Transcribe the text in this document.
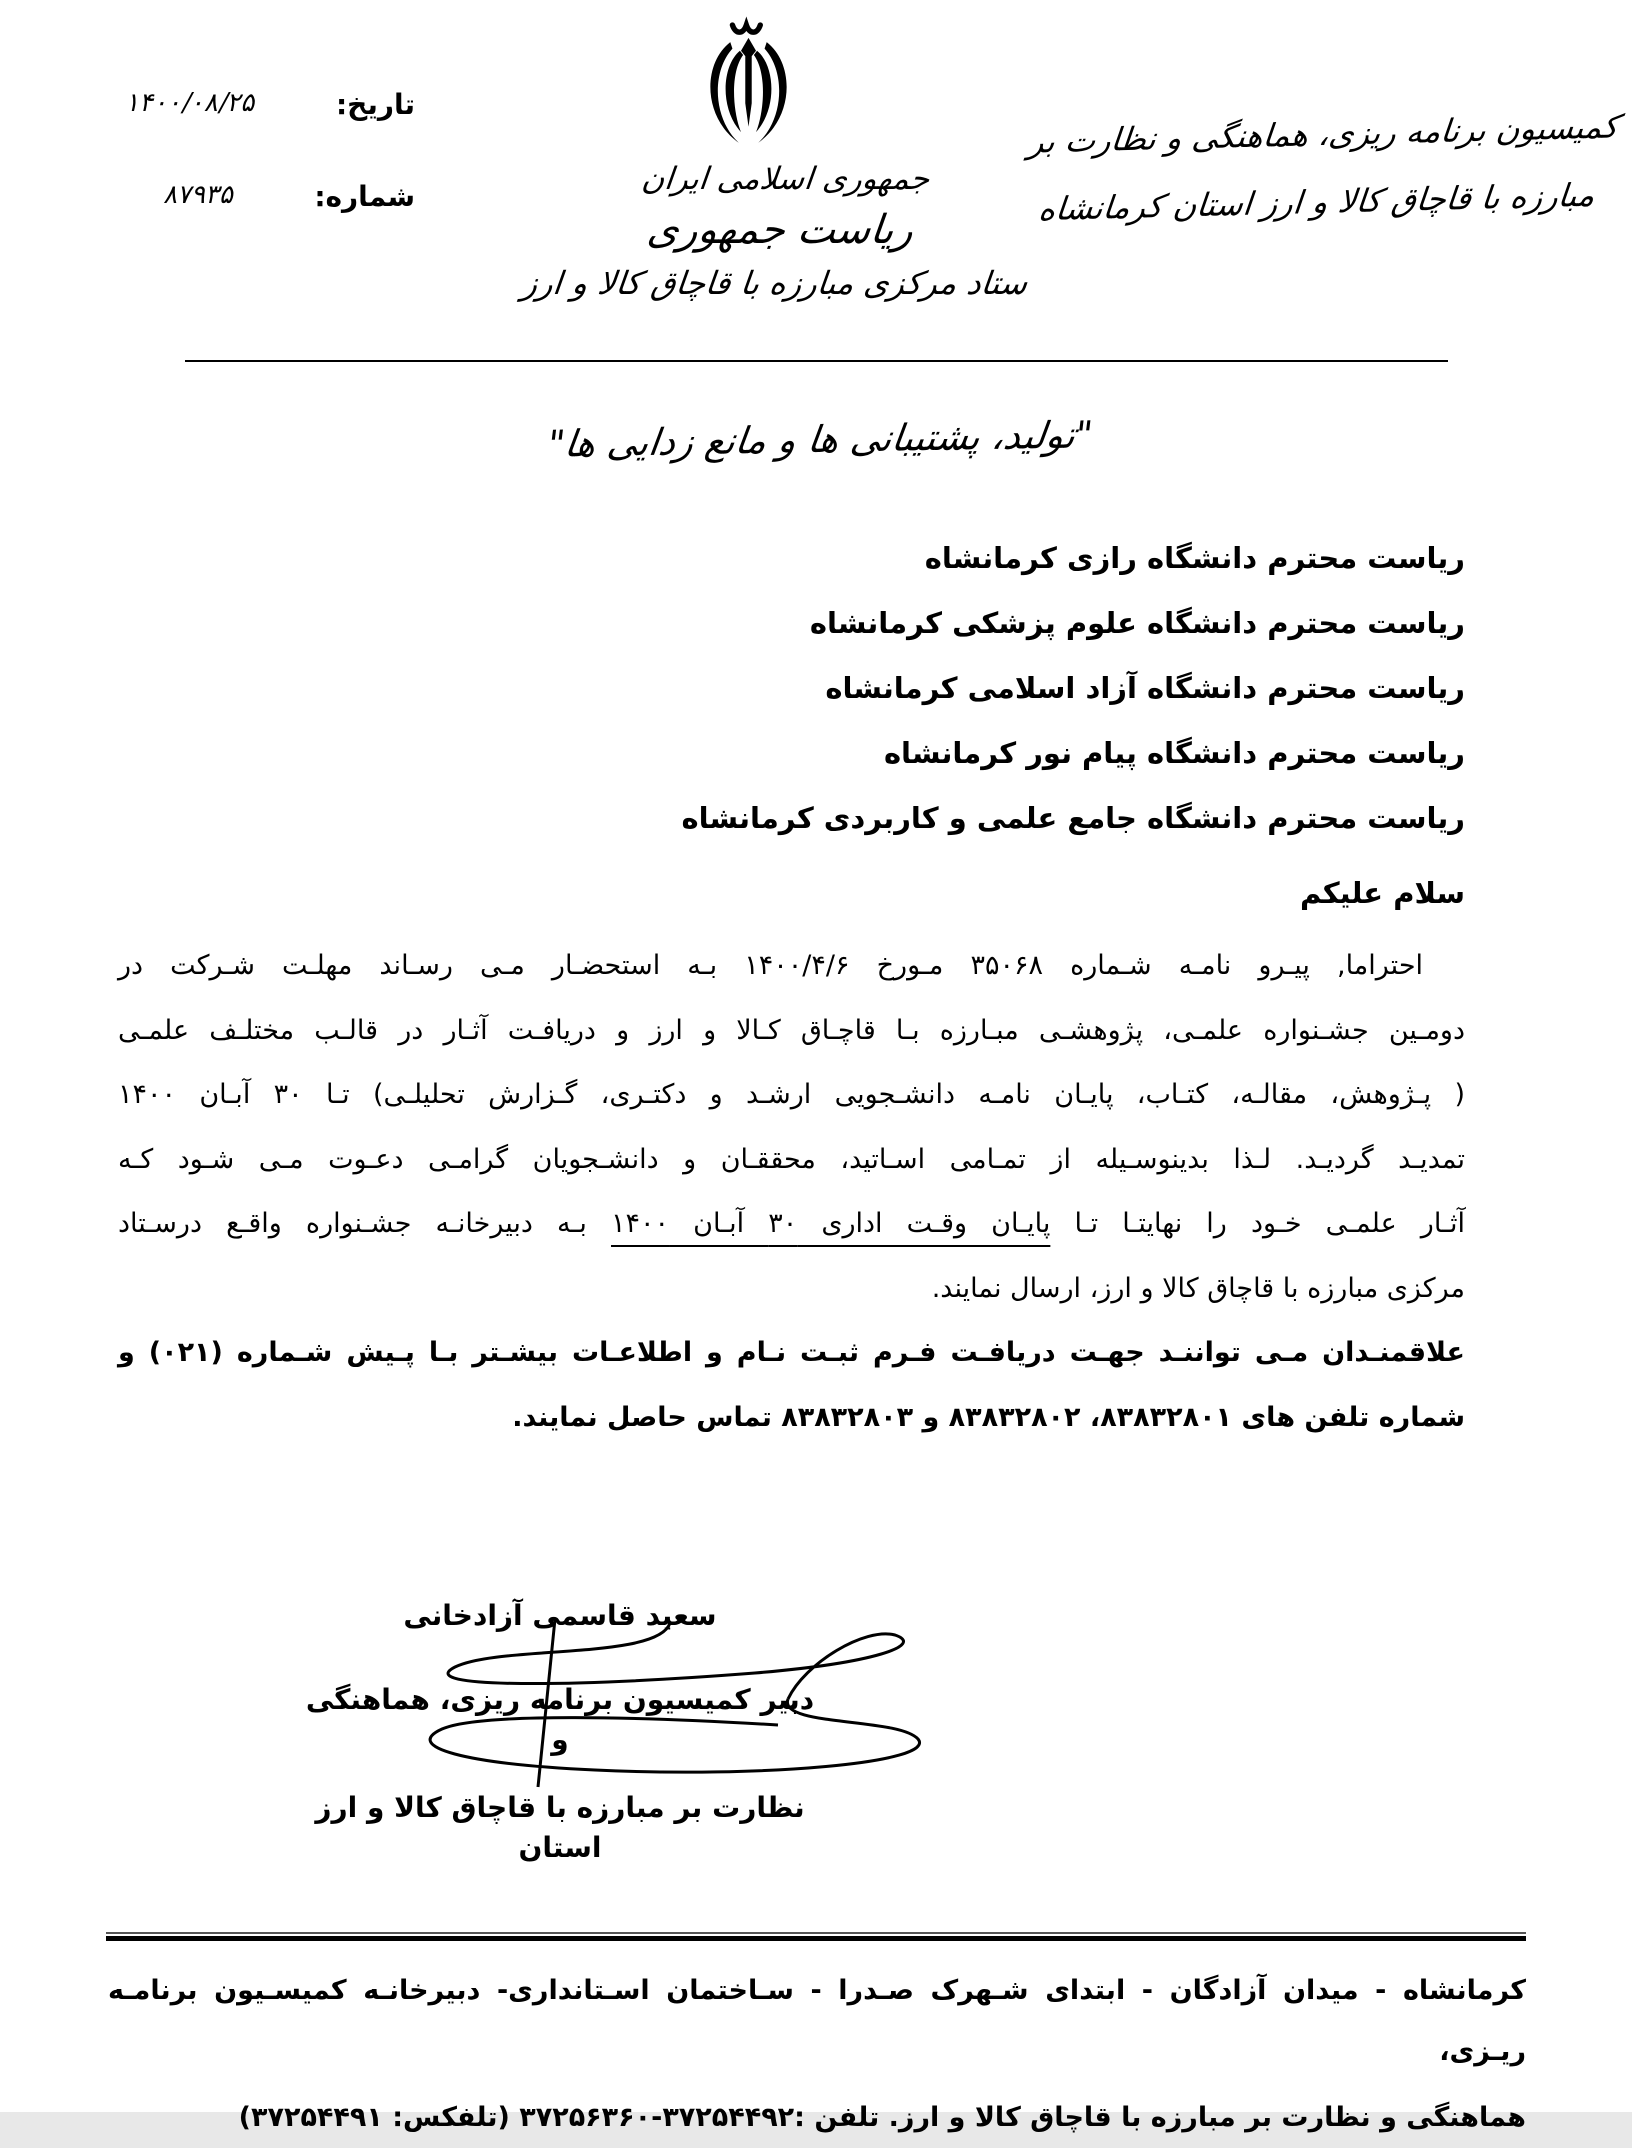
تاریخ:
۱۴۰۰/۰۸/۲۵
شماره:
۸۷۹۳۵	جمهوری اسلامی ایران
ریاست جمهوری
ستاد مرکزی مبارزه با قاچاق کالا و ارز
کمیسیون برنامه ریزی، هماهنگی و نظارت بر
مبارزه با قاچاق کالا و ارز استان کرمانشاه
"تولید، پشتیبانی ها و مانع زدایی ها"
ریاست محترم دانشگاه رازی کرمانشاه
ریاست محترم دانشگاه علوم پزشکی کرمانشاه
ریاست محترم دانشگاه آزاد اسلامی کرمانشاه
ریاست محترم دانشگاه پیام نور کرمانشاه
ریاست محترم دانشگاه جامع علمی و کاربردی کرمانشاه
سلام علیکم
احتراما, پیـرو نامـه شـماره ۳۵۰۶۸ مـورخ ۱۴۰۰/۴/۶ بـه استحضـار مـی رسـاند مهلـت شـرکت در
دومـین جشـنواره علمـی، پژوهشـی مبـارزه بـا قاچـاق کـالا و ارز و دریافـت آثـار در قالـب مختلـف علمـی
( پـژوهش، مقالـه، کتـاب، پایـان نامـه دانشـجویی ارشـد و دکتـری، گـزارش تحلیلـی) تـا ۳۰ آبـان ۱۴۰۰
تمدیـد گردیـد. لـذا بدینوسـیله از تمـامی اسـاتید، محققـان و دانشـجویان گرامـی دعـوت مـی شـود کـه
آثـار علمـی خـود را نهایتـا تـا پایـان وقـت اداری ۳۰ آبـان ۱۴۰۰ بـه دبیرخانـه جشـنواره واقـع درسـتاد
مرکزی مبارزه با قاچاق کالا و ارز، ارسال نمایند.
علاقمنـدان مـی تواننـد جهـت دریافـت فـرم ثبـت نـام و اطلاعـات بیشـتر بـا پـیش شـماره (۰۲۱) و
شماره تلفن های ۸۳۸۳۲۸۰۱، ۸۳۸۳۲۸۰۲ و ۸۳۸۳۲۸۰۳ تماس حاصل نمایند.
سعید قاسمی آزادخانی
دبیر کمیسیون برنامه ریزی، هماهنگی و
نظارت بر مبارزه با قاچاق کالا و ارز استان
کرمانشاه - میدان آزادگان - ابتدای شـهرک صـدرا - سـاختمان اسـتانداری- دبیرخانـه کمیسـیون برنامـه ریـزی،
هماهنگی و نظارت بر مبارزه با قاچاق کالا و ارز. تلفن :۳۷۲۵۴۴۹۲-۳۷۲۵۶۳۶۰ (تلفکس: ۳۷۲۵۴۴۹۱)
